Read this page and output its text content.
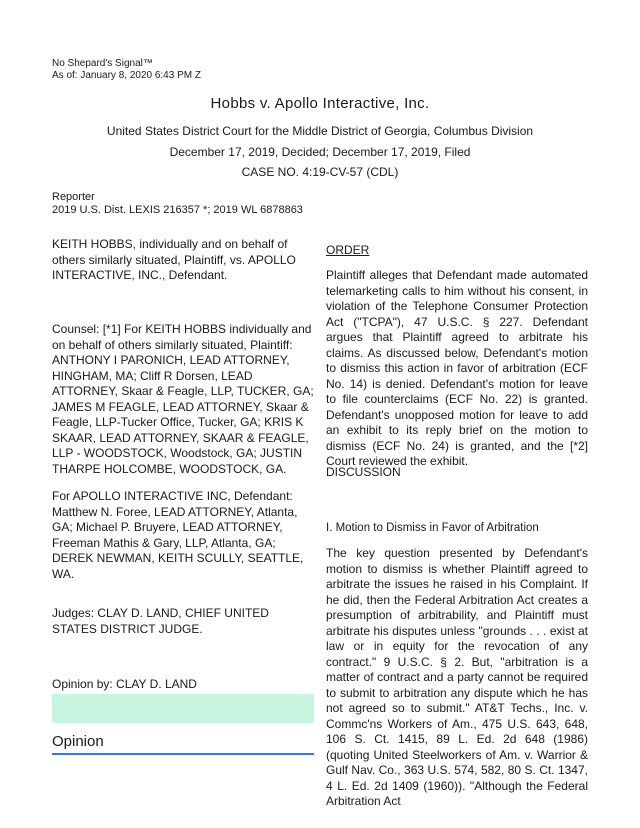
No Shepard's Signal™
As of: January 8, 2020 6:43 PM Z
Hobbs v. Apollo Interactive, Inc.
United States District Court for the Middle District of Georgia, Columbus Division
December 17, 2019, Decided; December 17, 2019, Filed
CASE NO. 4:19-CV-57 (CDL)
Reporter
2019 U.S. Dist. LEXIS 216357 *; 2019 WL 6878863
KEITH HOBBS, individually and on behalf of others similarly situated, Plaintiff, vs. APOLLO INTERACTIVE, INC., Defendant.
Counsel: [*1] For KEITH HOBBS individually and on behalf of others similarly situated, Plaintiff: ANTHONY I PARONICH, LEAD ATTORNEY, HINGHAM, MA; Cliff R Dorsen, LEAD ATTORNEY, Skaar & Feagle, LLP, TUCKER, GA; JAMES M FEAGLE, LEAD ATTORNEY, Skaar & Feagle, LLP-Tucker Office, Tucker, GA; KRIS K SKAAR, LEAD ATTORNEY, SKAAR & FEAGLE, LLP - WOODSTOCK, Woodstock, GA; JUSTIN THARPE HOLCOMBE, WOODSTOCK, GA.
For APOLLO INTERACTIVE INC, Defendant: Matthew N. Foree, LEAD ATTORNEY, Atlanta, GA; Michael P. Bruyere, LEAD ATTORNEY, Freeman Mathis & Gary, LLP, Atlanta, GA; DEREK NEWMAN, KEITH SCULLY, SEATTLE, WA.
Judges: CLAY D. LAND, CHIEF UNITED STATES DISTRICT JUDGE.
Opinion by: CLAY D. LAND
Opinion
ORDER
Plaintiff alleges that Defendant made automated telemarketing calls to him without his consent, in violation of the Telephone Consumer Protection Act ("TCPA"), 47 U.S.C. § 227. Defendant argues that Plaintiff agreed to arbitrate his claims. As discussed below, Defendant's motion to dismiss this action in favor of arbitration (ECF No. 14) is denied. Defendant's motion for leave to file counterclaims (ECF No. 22) is granted. Defendant's unopposed motion for leave to add an exhibit to its reply brief on the motion to dismiss (ECF No. 24) is granted, and the [*2] Court reviewed the exhibit.
DISCUSSION
I. Motion to Dismiss in Favor of Arbitration
The key question presented by Defendant's motion to dismiss is whether Plaintiff agreed to arbitrate the issues he raised in his Complaint. If he did, then the Federal Arbitration Act creates a presumption of arbitrability, and Plaintiff must arbitrate his disputes unless "grounds . . . exist at law or in equity for the revocation of any contract." 9 U.S.C. § 2. But, "arbitration is a matter of contract and a party cannot be required to submit to arbitration any dispute which he has not agreed so to submit." AT&T Techs., Inc. v. Commc'ns Workers of Am., 475 U.S. 643, 648, 106 S. Ct. 1415, 89 L. Ed. 2d 648 (1986) (quoting United Steelworkers of Am. v. Warrior & Gulf Nav. Co., 363 U.S. 574, 582, 80 S. Ct. 1347, 4 L. Ed. 2d 1409 (1960)). "Although the Federal Arbitration Act
